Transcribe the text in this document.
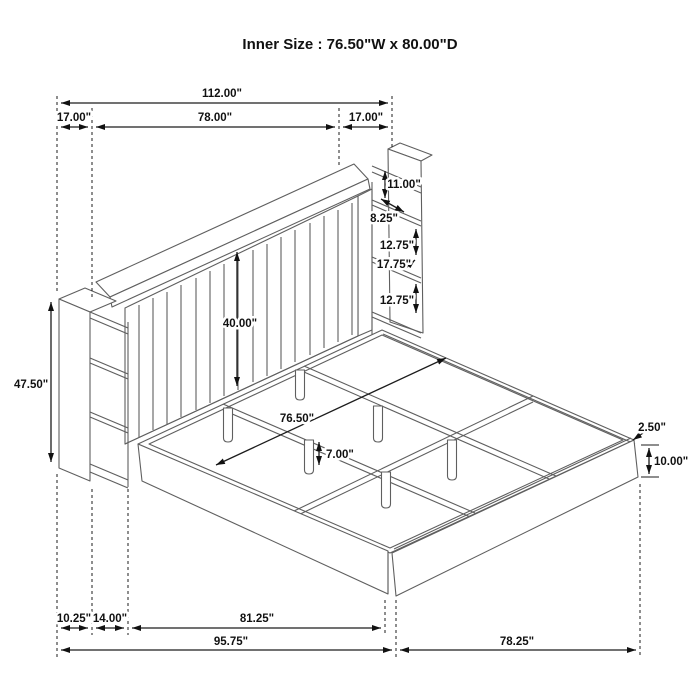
Inner Size : 76.50"W x 80.00"D
112.00"
17.00"	78.00"	17.00"
47.50"
40.00"
11.00"
8.25"
12.75"
17.75"
12.75"
76.50"
7.00"
2.50"
10.00"
10.25" 14.00"	81.25"
95.75"	78.25"
